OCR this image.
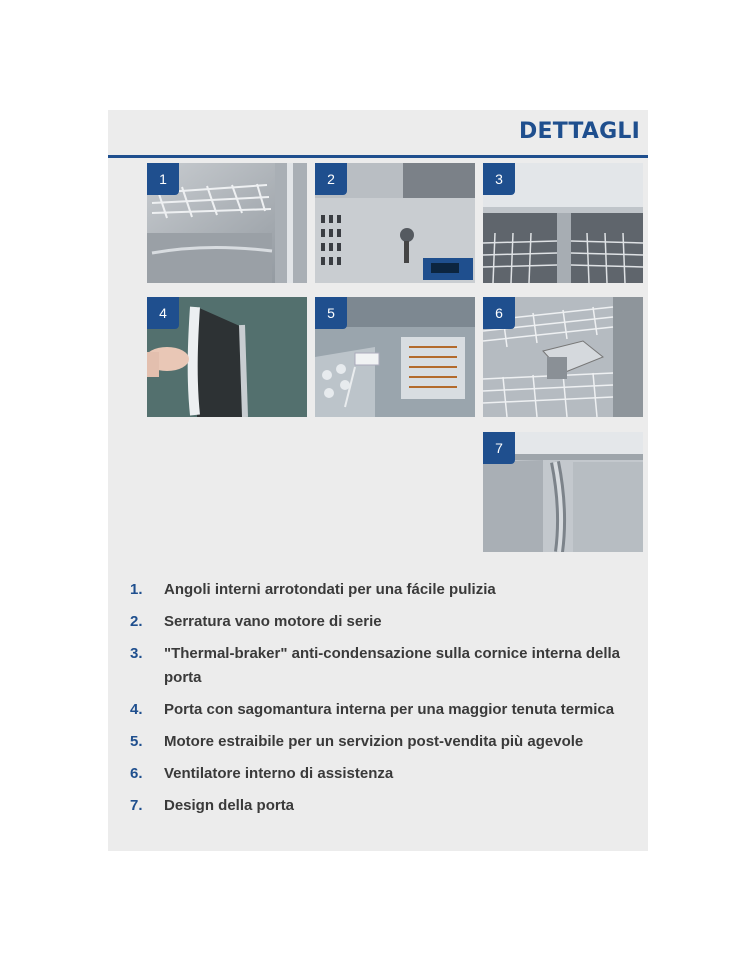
DETTAGLI
1	2	3
4	5	6
7
1. Angoli interni arrotondati per una fácile pulizia
2. Serratura vano motore di serie
3. "Thermal-braker" anti-condensazione sulla cornice interna della porta
4. Porta con sagomantura interna per una maggior tenuta termica
5. Motore estraibile per un servizion post-vendita più agevole
6. Ventilatore interno di assistenza
7. Design della porta
